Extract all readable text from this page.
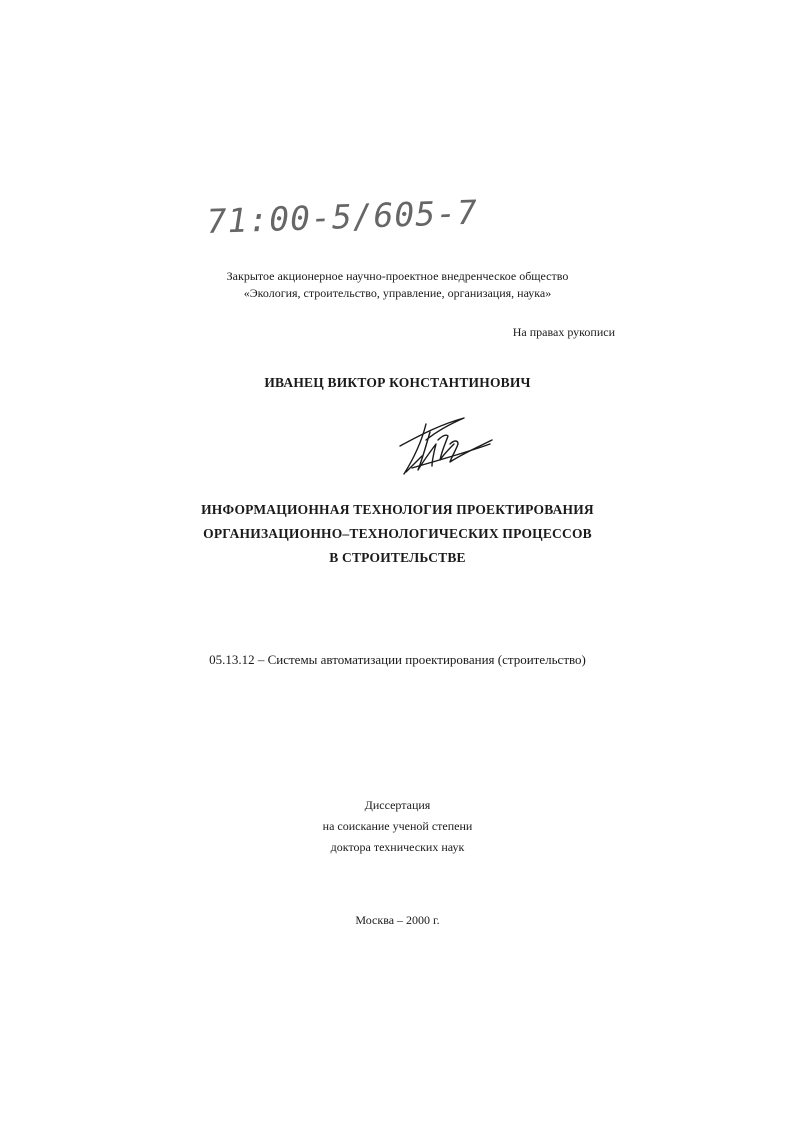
71:00-5/605-7
Закрытое акционерное научно-проектное внедренческое общество
«Экология, строительство, управление, организация, наука»
На правах рукописи
ИВАНЕЦ ВИКТОР КОНСТАНТИНОВИЧ
ИНФОРМАЦИОННАЯ ТЕХНОЛОГИЯ ПРОЕКТИРОВАНИЯ
ОРГАНИЗАЦИОННО–ТЕХНОЛОГИЧЕСКИХ ПРОЦЕССОВ
В СТРОИТЕЛЬСТВЕ
05.13.12 – Системы автоматизации проектирования (строительство)
Диссертация
на соискание ученой степени
доктора технических наук
Москва – 2000 г.
